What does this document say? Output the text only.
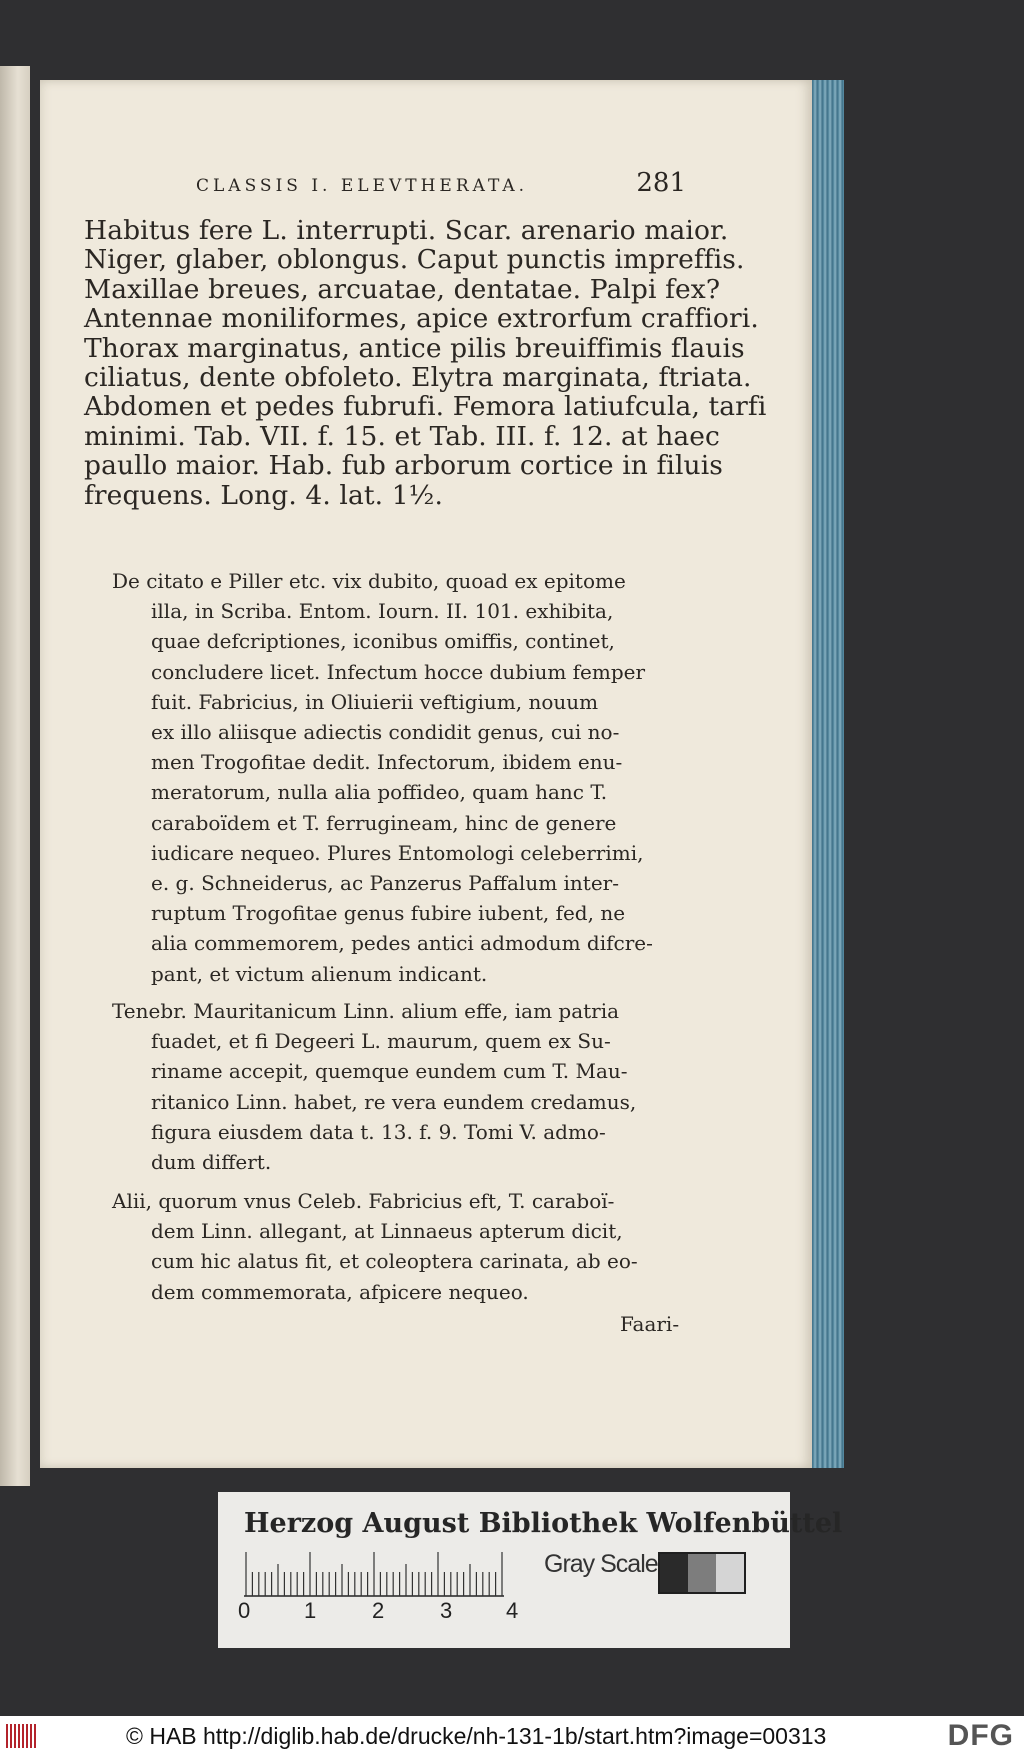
CLASSIS I. ELEVTHERATA.	281
Habitus fere L. interrupti. Scar. arenario maior.
Niger, glaber, oblongus. Caput punctis impreffis.
Maxillae breues, arcuatae, dentatae. Palpi fex?
Antennae moniliformes, apice extrorfum craffiori.
Thorax marginatus, antice pilis breuiffimis flauis
ciliatus, dente obfoleto. Elytra marginata, ftriata.
Abdomen et pedes fubrufi. Femora latiufcula, tarfi
minimi. Tab. VII. f. 15. et Tab. III. f. 12. at haec
paullo maior. Hab. fub arborum cortice in filuis
frequens. Long. 4. lat. 1½.
De citato e Piller etc. vix dubito, quoad ex epitome
illa, in Scriba. Entom. Iourn. II. 101. exhibita,
quae defcriptiones, iconibus omiffis, continet,
concludere licet. Infectum hocce dubium femper
fuit. Fabricius, in Oliuierii veftigium, nouum
ex illo aliisque adiectis condidit genus, cui no-
men Trogofitae dedit. Infectorum, ibidem enu-
meratorum, nulla alia poffideo, quam hanc T.
caraboïdem et T. ferrugineam, hinc de genere
iudicare nequeo. Plures Entomologi celeberrimi,
e. g. Schneiderus, ac Panzerus Paffalum inter-
ruptum Trogofitae genus fubire iubent, fed, ne
alia commemorem, pedes antici admodum difcre-
pant, et victum alienum indicant.
Tenebr. Mauritanicum Linn. alium effe, iam patria
fuadet, et fi Degeeri L. maurum, quem ex Su-
riname accepit, quemque eundem cum T. Mau-
ritanico Linn. habet, re vera eundem credamus,
figura eiusdem data t. 13. f. 9. Tomi V. admo-
dum differt.
Alii, quorum vnus Celeb. Fabricius eft, T. caraboï-
dem Linn. allegant, at Linnaeus apterum dicit,
cum hic alatus fit, et coleoptera carinata, ab eo-
dem commemorata, afpicere nequeo.
Faari-
Herzog August Bibliothek Wolfenbüttel
0 1	2	3 4
Gray Scale
© HAB http://diglib.hab.de/drucke/nh-131-1b/start.htm?image=00313	DFG
